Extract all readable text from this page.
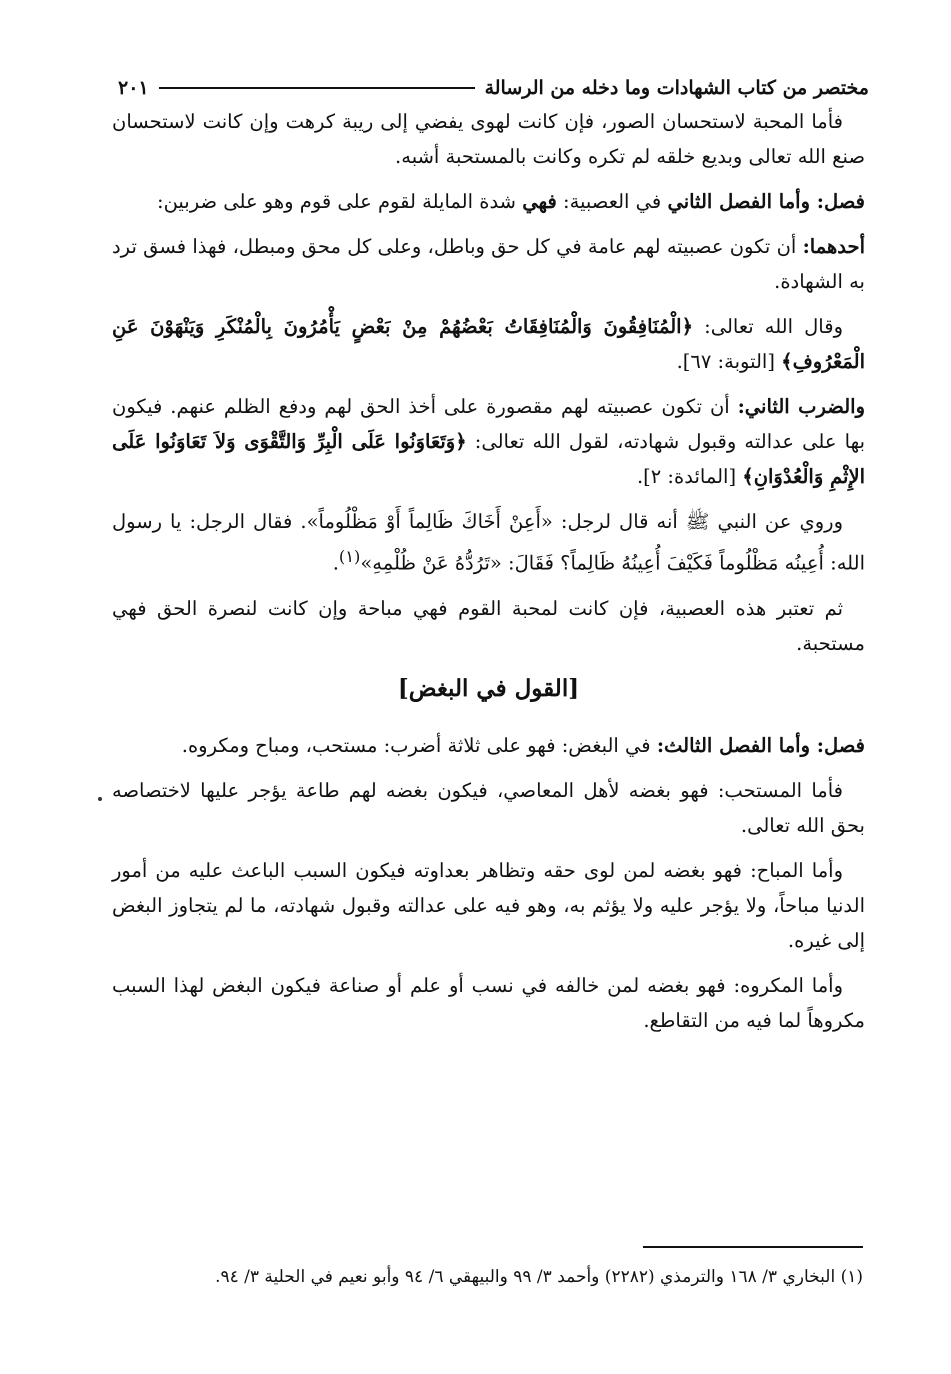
مختصر من كتاب الشهادات وما دخله من الرسالة
٢٠١

فأما المحبة لاستحسان الصور، فإن كانت لهوى يفضي إلى ريبة كرهت وإن كانت لاستحسان صنع الله تعالى وبديع خلقه لم تكره وكانت بالمستحبة أشبه.

فصل: وأما الفصل الثاني في العصبية: فهي شدة المايلة لقوم على قوم وهو على ضربين:

أحدهما: أن تكون عصبيته لهم عامة في كل حق وباطل، وعلى كل محق ومبطل، فهذا فسق ترد به الشهادة.

وقال الله تعالى: ﴿الْمُنَافِقُونَ وَالْمُنَافِقَاتُ بَعْضُهُمْ مِنْ بَعْضٍ يَأْمُرُونَ بِالْمُنْكَرِ وَيَنْهَوْنَ عَنِ الْمَعْرُوفِ﴾ [التوبة: ٦٧].

والضرب الثاني: أن تكون عصبيته لهم مقصورة على أخذ الحق لهم ودفع الظلم عنهم. فيكون بها على عدالته وقبول شهادته، لقول الله تعالى: ﴿وَتَعَاوَنُوا عَلَى الْبِرِّ وَالتَّقْوَى وَلاَ تَعَاوَنُوا عَلَى الإِثْمِ وَالْعُدْوَانِ﴾ [المائدة: ٢].

وروي عن النبي ﷺ أنه قال لرجل: «أَعِنْ أَخَاكَ ظَالِماً أَوْ مَظْلُوماً». فقال الرجل: يا رسول الله: أُعِينُه مَظْلُوماً فَكَيْفَ أُعِينُهُ ظَالِماً؟ فَقَالَ: «تَرُدُّهُ عَنْ ظُلْمِهِ»$^{(١)}$.

ثم تعتبر هذه العصبية، فإن كانت لمحبة القوم فهي مباحة وإن كانت لنصرة الحق فهي مستحبة.

[القول في البغض]

فصل: وأما الفصل الثالث: في البغض: فهو على ثلاثة أضرب: مستحب، ومباح ومكروه.

فأما المستحب: فهو بغضه لأهل المعاصي، فيكون بغضه لهم طاعة يؤجر عليها لاختصاصه بحق الله تعالى.

وأما المباح: فهو بغضه لمن لوى حقه وتظاهر بعداوته فيكون السبب الباعث عليه من أمور الدنيا مباحاً، ولا يؤجر عليه ولا يؤثم به، وهو فيه على عدالته وقبول شهادته، ما لم يتجاوز البغض إلى غيره.

وأما المكروه: فهو بغضه لمن خالفه في نسب أو علم أو صناعة فيكون البغض لهذا السبب مكروهاً لما فيه من التقاطع.

(١) البخاري ٣/ ١٦٨ والترمذي (٢٢٨٢) وأحمد ٣/ ٩٩ والبيهقي ٦/ ٩٤ وأبو نعيم في الحلية ٣/ ٩٤.
